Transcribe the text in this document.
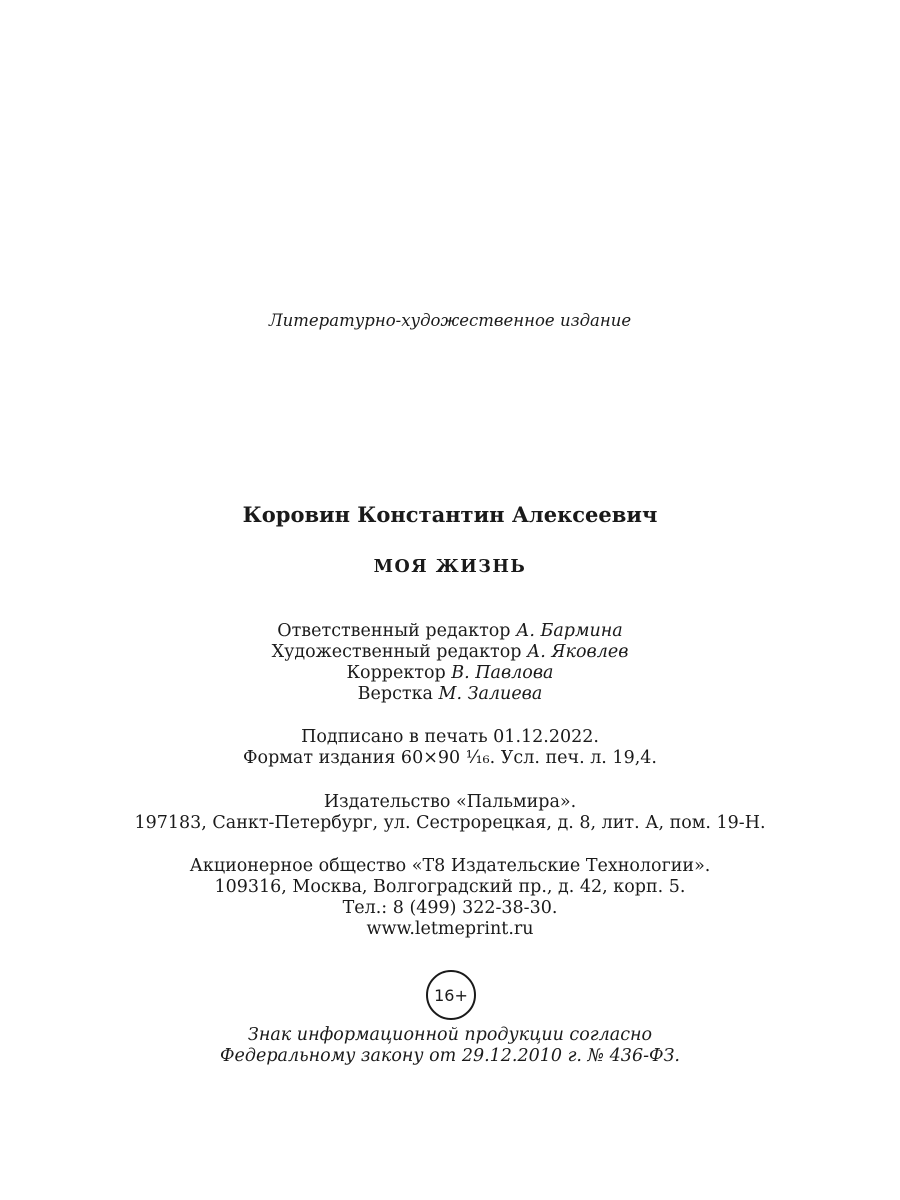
Литературно-художественное издание
Коровин Константин Алексеевич
МОЯ ЖИЗНЬ
Ответственный редактор А. Бармина
Художественный редактор А. Яковлев
Корректор В. Павлова
Верстка М. Залиева
Подписано в печать 01.12.2022.
Формат издания 60×90 ¹⁄₁₆. Усл. печ. л. 19,4.
Издательство «Пальмира».
197183, Санкт-Петербург, ул. Сестрорецкая, д. 8, лит. А, пом. 19-Н.
Акционерное общество «Т8 Издательские Технологии».
109316, Москва, Волгоградский пр., д. 42, корп. 5.
Тел.: 8 (499) 322-38-30.
www.letmeprint.ru
16+
Знак информационной продукции согласно
Федеральному закону от 29.12.2010 г. № 436-ФЗ.
